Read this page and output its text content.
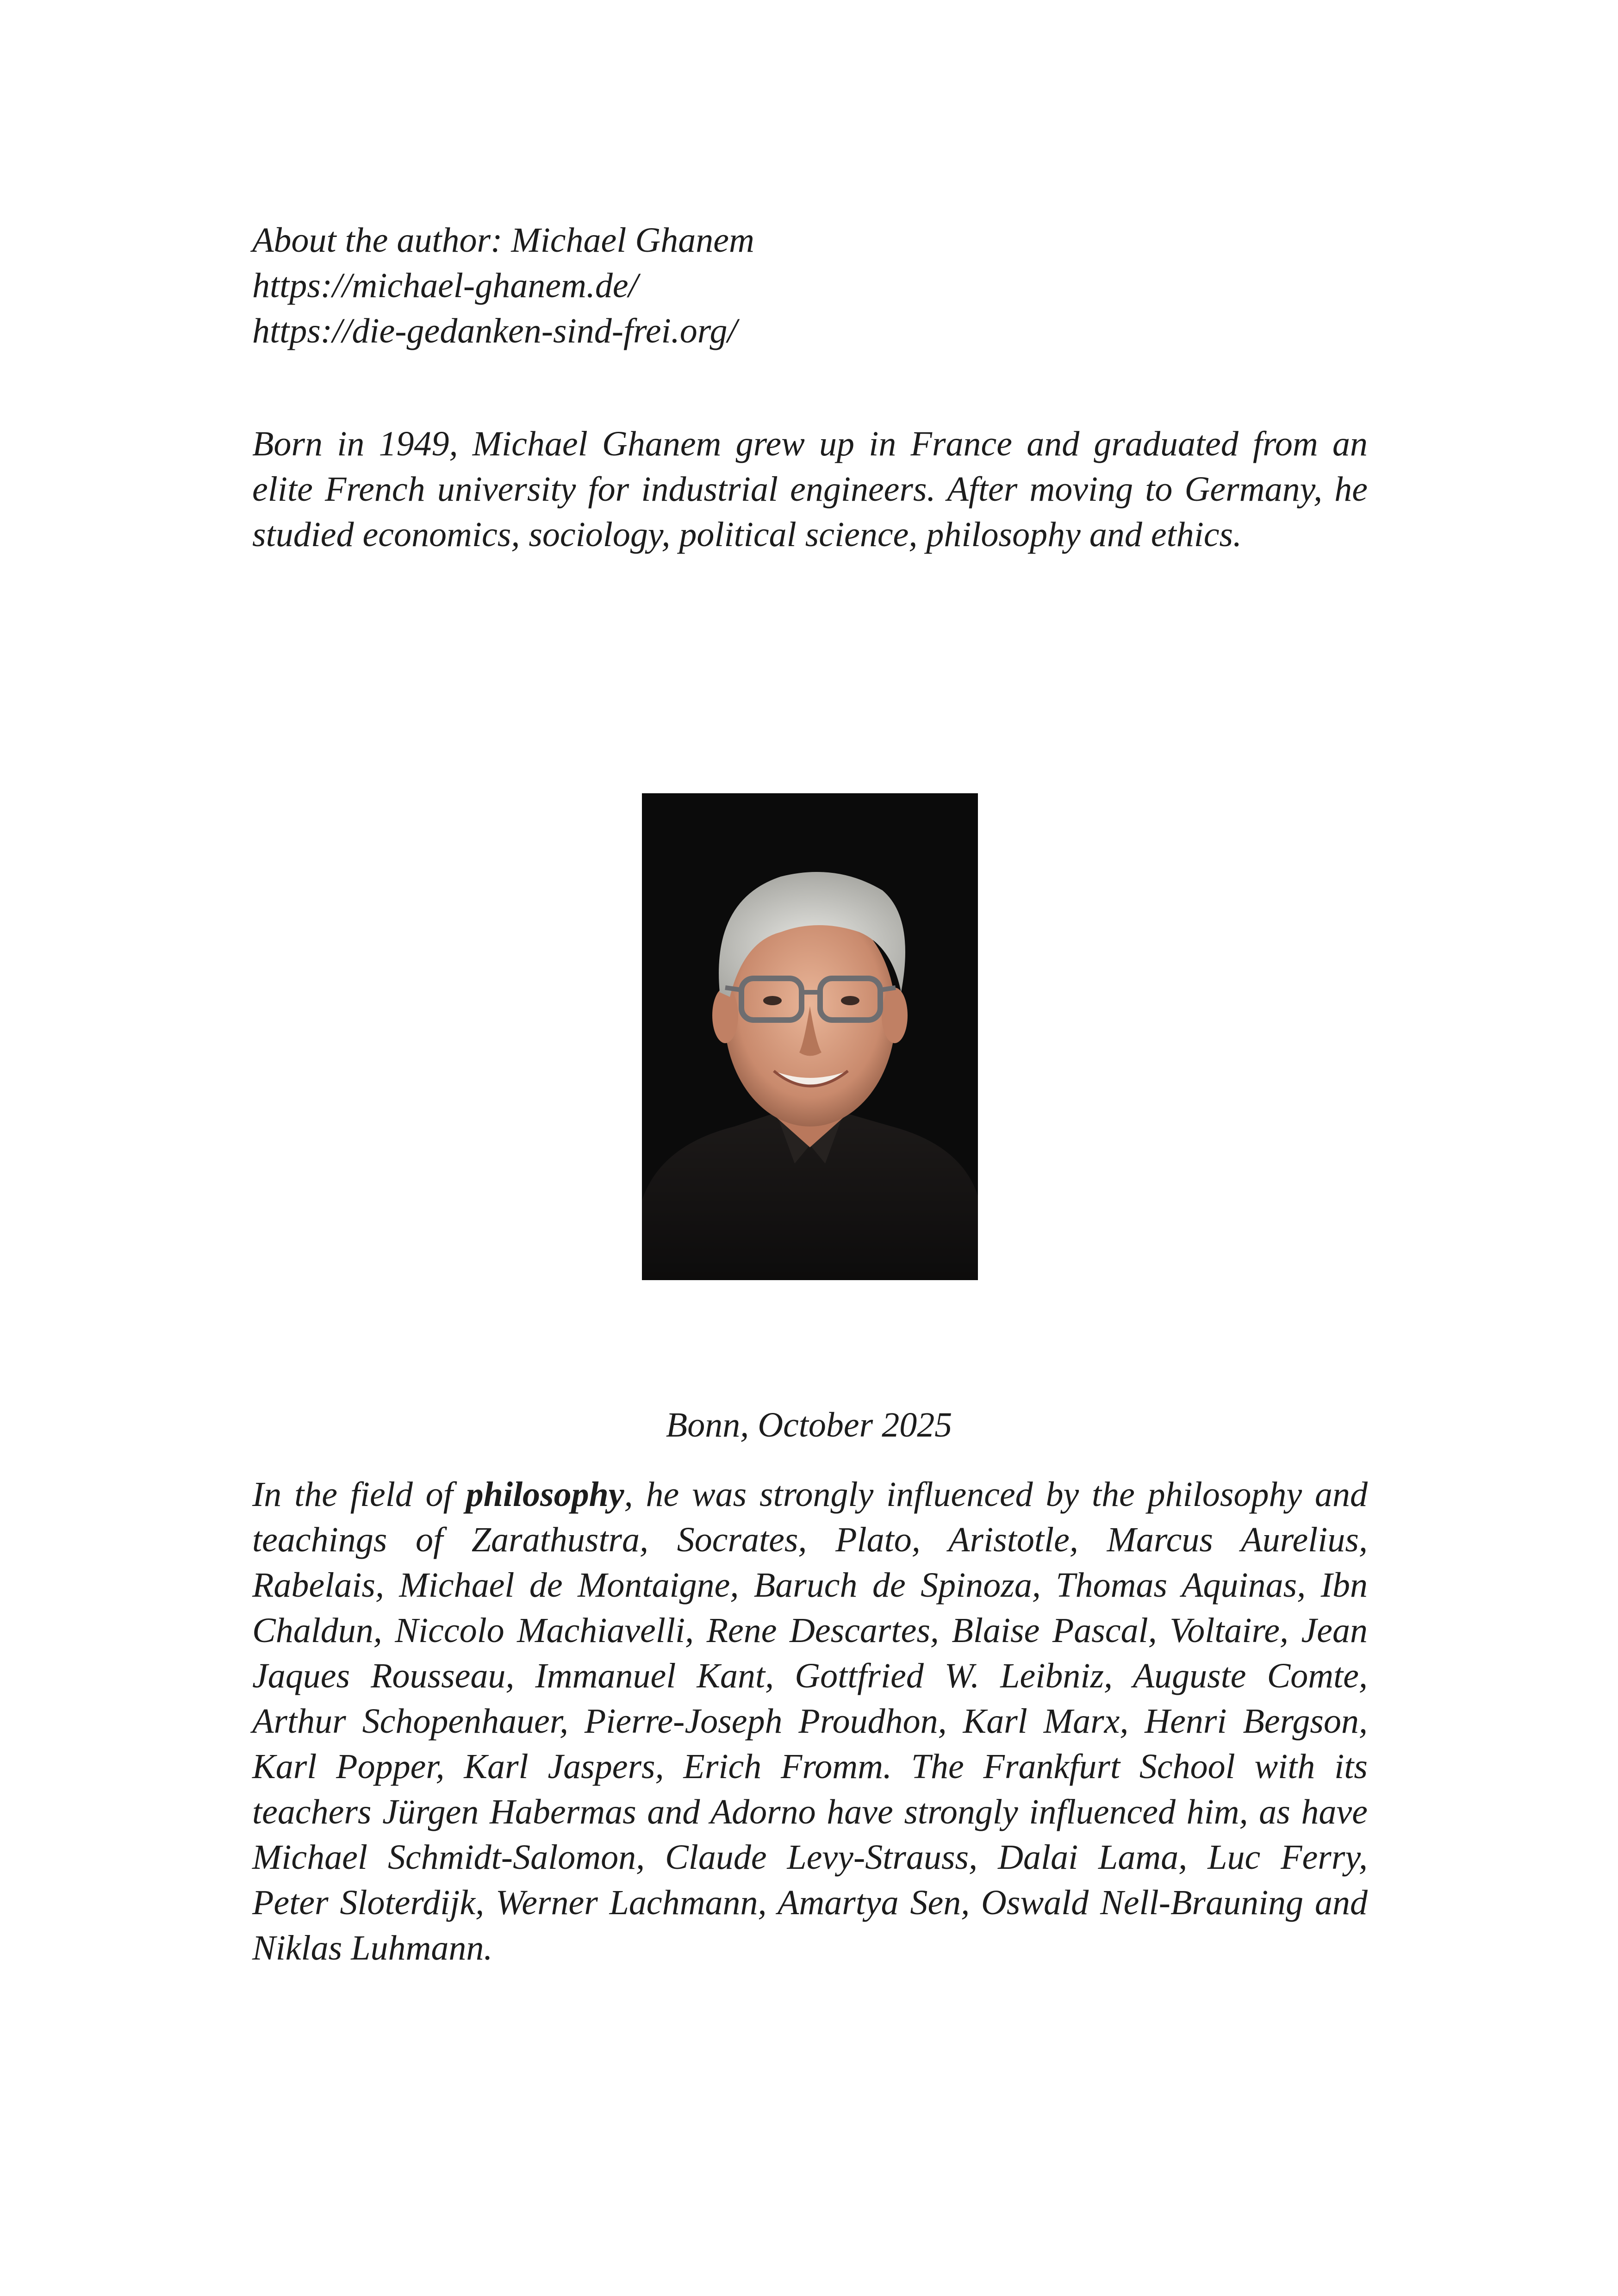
About the author: Michael Ghanem
https://michael-ghanem.de/
https://die-gedanken-sind-frei.org/
Born in 1949, Michael Ghanem grew up in France and graduated from an elite French university for industrial engineers. After moving to Germany, he studied economics, sociology, political science, philosophy and ethics.
Bonn, October 2025
In the field of philosophy, he was strongly influenced by the philosophy and teachings of Zarathustra, Socrates, Plato, Aristotle, Marcus Aurelius, Rabelais, Michael de Montaigne, Baruch de Spinoza, Thomas Aquinas, Ibn Chaldun, Niccolo Machiavelli, Rene Descartes, Blaise Pascal, Voltaire, Jean Jaques Rousseau, Immanuel Kant, Gottfried W. Leibniz, Auguste Comte, Arthur Schopenhauer, Pierre-Joseph Proudhon, Karl Marx, Henri Bergson, Karl Popper, Karl Jaspers, Erich Fromm. The Frankfurt School with its teachers Jürgen Habermas and Adorno have strongly influenced him, as have Michael Schmidt-Salomon, Claude Levy-Strauss, Dalai Lama, Luc Ferry, Peter Sloterdijk, Werner Lachmann, Amartya Sen, Oswald Nell-Brauning and Niklas Luhmann.
